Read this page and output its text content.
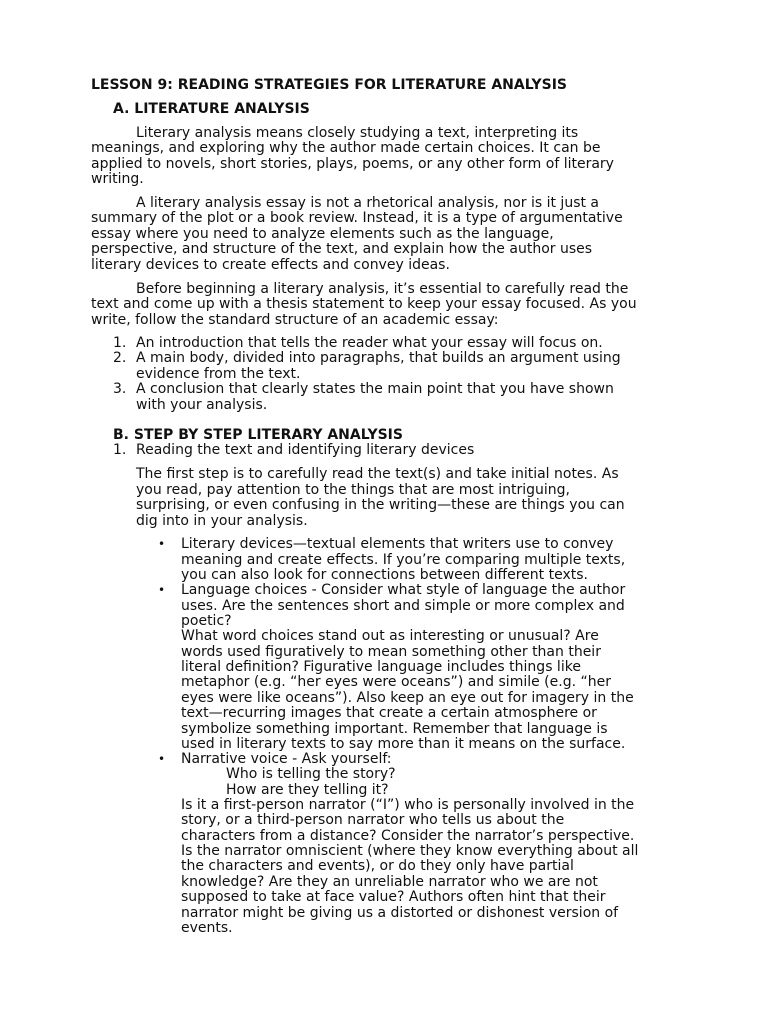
LESSON 9: READING STRATEGIES FOR LITERATURE ANALYSIS

A. LITERATURE ANALYSIS

Literary analysis means closely studying a text, interpreting its

meanings, and exploring why the author made certain choices. It can be

applied to novels, short stories, plays, poems, or any other form of literary

writing.

A literary analysis essay is not a rhetorical analysis, nor is it just a

summary of the plot or a book review. Instead, it is a type of argumentative

essay where you need to analyze elements such as the language,

perspective, and structure of the text, and explain how the author uses

literary devices to create effects and convey ideas.

Before beginning a literary analysis, it’s essential to carefully read the

text and come up with a thesis statement to keep your essay focused. As you

write, follow the standard structure of an academic essay:

1. An introduction that tells the reader what your essay will focus on.

2. A main body, divided into paragraphs, that builds an argument using

evidence from the text.

3. A conclusion that clearly states the main point that you have shown

with your analysis.

B. STEP BY STEP LITERARY ANALYSIS

1. Reading the text and identifying literary devices

The first step is to carefully read the text(s) and take initial notes. As

you read, pay attention to the things that are most intriguing,

surprising, or even confusing in the writing—these are things you can

dig into in your analysis.

• Literary devices—textual elements that writers use to convey

meaning and create effects. If you’re comparing multiple texts,

you can also look for connections between different texts.

• Language choices - Consider what style of language the author

uses. Are the sentences short and simple or more complex and

poetic?

What word choices stand out as interesting or unusual? Are

words used figuratively to mean something other than their

literal definition? Figurative language includes things like

metaphor (e.g. “her eyes were oceans”) and simile (e.g. “her

eyes were like oceans”). Also keep an eye out for imagery in the

text—recurring images that create a certain atmosphere or

symbolize something important. Remember that language is

used in literary texts to say more than it means on the surface.

• Narrative voice - Ask yourself:

Who is telling the story?

How are they telling it?

Is it a first-person narrator (“I”) who is personally involved in the

story, or a third-person narrator who tells us about the

characters from a distance? Consider the narrator’s perspective.

Is the narrator omniscient (where they know everything about all

the characters and events), or do they only have partial

knowledge? Are they an unreliable narrator who we are not

supposed to take at face value? Authors often hint that their

narrator might be giving us a distorted or dishonest version of

events.
